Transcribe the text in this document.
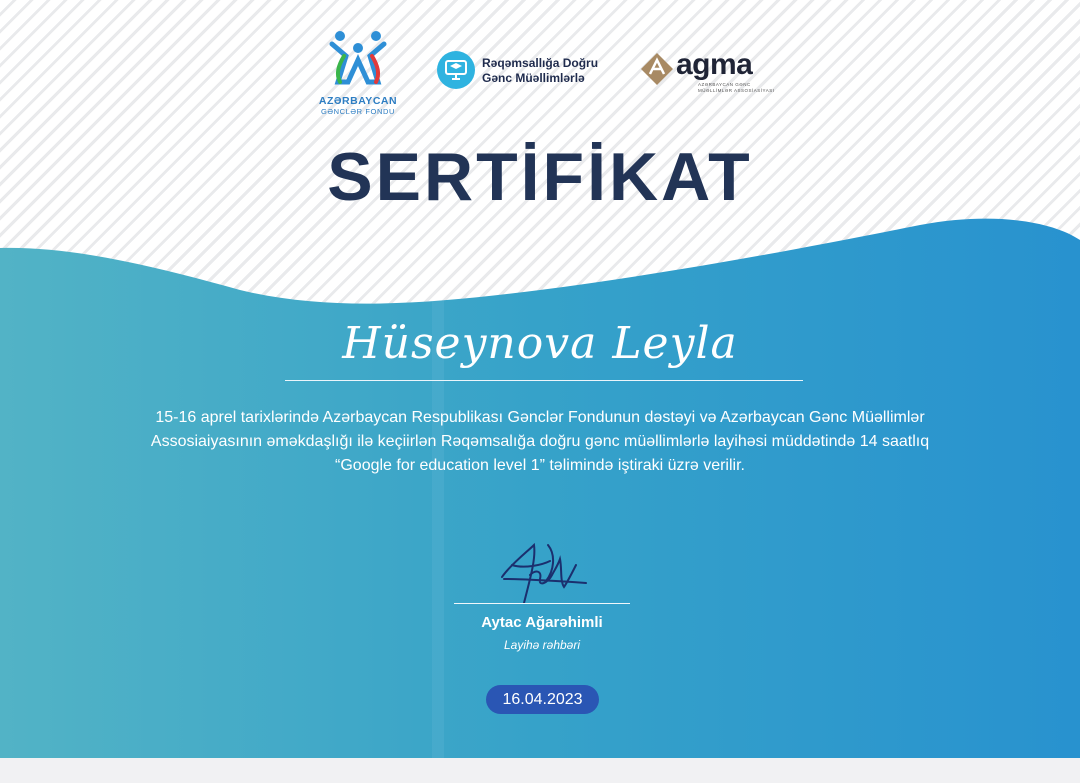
AZƏRBAYCAN
GƏNCLƏR FONDU
Rəqəmsallığa Doğru
Gənc Müəllimlərlə	agma
AZƏRBAYCAN GƏNC
MÜƏLLİMLƏR ASSOSİASİYASI
SERTİFİKAT
Hüseynova Leyla
15-16 aprel tarixlərində Azərbaycan Respublikası Gənclər Fondunun dəstəyi və Azərbaycan Gənc Müəllimlər Assosiaiyasının əməkdaşlığı ilə keçiirlən Rəqəmsalığa doğru gənc müəllimlərlə layihəsi müddətində 14 saatlıq “Google for education level 1” təlimində iştiraki üzrə verilir.
Aytac Ağarəhimli
Layihə rəhbəri
16.04.2023
